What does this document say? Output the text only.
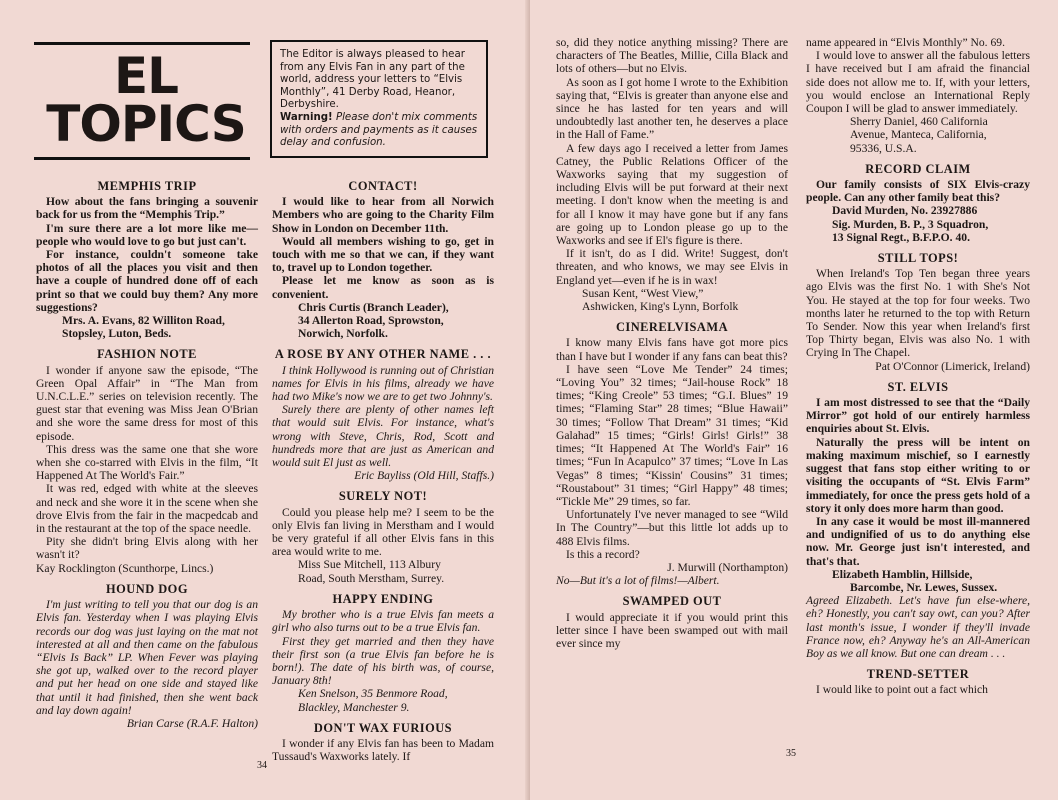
EL
TOPICS
The Editor is always pleased to hear from any Elvis Fan in any part of the world, address your letters to “Elvis Monthly”, 41 Derby Road, Heanor, Derbyshire.
Warning! Please don't mix comments with orders and payments as it causes delay and confusion.
MEMPHIS TRIP

How about the fans bringing a souvenir back for us from the “Memphis Trip.”

I'm sure there are a lot more like me—people who would love to go but just can't.

For instance, couldn't someone take photos of all the places you visit and then have a couple of hundred done off of each print so that we could buy them? Any more suggestions?

Mrs. A. Evans, 82 Williton Road,

Stopsley, Luton, Beds.

FASHION NOTE

I wonder if anyone saw the episode, “The Green Opal Affair” in “The Man from U.N.C.L.E.” series on television recently. The guest star that evening was Miss Jean O'Brian and she wore the same dress for most of this episode.

This dress was the same one that she wore when she co-starred with Elvis in the film, “It Happened At The World's Fair.”

It was red, edged with white at the sleeves and neck and she wore it in the scene when she drove Elvis from the fair in the macpedcab and in the restaurant at the top of the space needle.

Pity she didn't bring Elvis along with her wasn't it?

Kay Rocklington (Scunthorpe, Lincs.)

HOUND DOG

I'm just writing to tell you that our dog is an Elvis fan. Yesterday when I was playing Elvis records our dog was just laying on the mat not interested at all and then came on the fabulous “Elvis Is Back” LP. When Fever was playing she got up, walked over to the record player and put her head on one side and stayed like that until it had finished, then she went back and lay down again!

Brian Carse (R.A.F. Halton)

CONTACT!

I would like to hear from all Norwich Members who are going to the Charity Film Show in London on December 11th.

Would all members wishing to go, get in touch with me so that we can, if they want to, travel up to London together.

Please let me know as soon as is convenient.

Chris Curtis (Branch Leader),

34 Allerton Road, Sprowston,

Norwich, Norfolk.

A ROSE BY ANY OTHER NAME . . .

I think Hollywood is running out of Christian names for Elvis in his films, already we have had two Mike's now we are to get two Johnny's.

Surely there are plenty of other names left that would suit Elvis. For instance, what's wrong with Steve, Chris, Rod, Scott and hundreds more that are just as American and would suit El just as well.

Eric Bayliss (Old Hill, Staffs.)

SURELY NOT!

Could you please help me? I seem to be the only Elvis fan living in Merstham and I would be very grateful if all other Elvis fans in this area would write to me.

Miss Sue Mitchell, 113 Albury

Road, South Merstham, Surrey.

HAPPY ENDING

My brother who is a true Elvis fan meets a girl who also turns out to be a true Elvis fan.

First they get married and then they have their first son (a true Elvis fan before he is born!). The date of his birth was, of course, January 8th!

Ken Snelson, 35 Benmore Road,

Blackley, Manchester 9.

DON'T WAX FURIOUS

I wonder if any Elvis fan has been to Madam Tussaud's Waxworks lately. If

34

so, did they notice anything missing? There are characters of The Beatles, Millie, Cilla Black and lots of others—but no Elvis.

As soon as I got home I wrote to the Exhibition saying that, “Elvis is greater than anyone else and since he has lasted for ten years and will undoubtedly last another ten, he deserves a place in the Hall of Fame.”

A few days ago I received a letter from James Catney, the Public Relations Officer of the Waxworks saying that my suggestion of including Elvis will be put forward at their next meeting. I don't know when the meeting is and for all I know it may have gone but if any fans are going up to London please go up to the Waxworks and see if El's figure is there.

If it isn't, do as I did. Write! Suggest, don't threaten, and who knows, we may see Elvis in England yet—even if he is in wax!

Susan Kent, “West View,”

Ashwicken, King's Lynn, Borfolk

CINERELVISAMA

I know many Elvis fans have got more pics than I have but I wonder if any fans can beat this?

I have seen “Love Me Tender” 24 times; “Loving You” 32 times; “Jail-house Rock” 18 times; “King Creole” 53 times; “G.I. Blues” 19 times; “Flaming Star” 28 times; “Blue Hawaii” 30 times; “Follow That Dream” 31 times; “Kid Galahad” 15 times; “Girls! Girls! Girls!” 38 times; “It Happened At The World's Fair” 16 times; “Fun In Acapulco” 37 times; “Love In Las Vegas” 8 times; “Kissin' Cousins” 31 times; “Roustabout” 31 times; “Girl Happy” 48 times; “Tickle Me” 29 times, so far.

Unfortunately I've never managed to see “Wild In The Country”—but this little lot adds up to 488 Elvis films.

Is this a record?

J. Murwill (Northampton)

No—But it's a lot of films!—Albert.

SWAMPED OUT

I would appreciate it if you would print this letter since I have been swamped out with mail ever since my

name appeared in “Elvis Monthly” No. 69.

I would love to answer all the fabulous letters I have received but I am afraid the financial side does not allow me to. If, with your letters, you would enclose an International Reply Coupon I will be glad to answer immediately.

Sherry Daniel, 460 California

Avenue, Manteca, California,

95336, U.S.A.

RECORD CLAIM

Our family consists of SIX Elvis-crazy people. Can any other family beat this?

David Murden, No. 23927886

Sig. Murden, B. P., 3 Squadron,

13 Signal Regt., B.F.P.O. 40.

STILL TOPS!

When Ireland's Top Ten began three years ago Elvis was the first No. 1 with She's Not You. He stayed at the top for four weeks. Two months later he returned to the top with Return To Sender. Now this year when Ireland's first Top Thirty began, Elvis was also No. 1 with Crying In The Chapel.

Pat O'Connor (Limerick, Ireland)

ST. ELVIS

I am most distressed to see that the “Daily Mirror” got hold of our entirely harmless enquiries about St. Elvis.

Naturally the press will be intent on making maximum mischief, so I earnestly suggest that fans stop either writing to or visiting the occupants of “St. Elvis Farm” immediately, for once the press gets hold of a story it only does more harm than good.

In any case it would be most ill-mannered and undignified of us to do anything else now. Mr. George just isn't interested, and that's that.

Elizabeth Hamblin, Hillside,

Barcombe, Nr. Lewes, Sussex.

Agreed Elizabeth. Let's have fun else-where, eh? Honestly, you can't say owt, can you? After last month's issue, I wonder if they'll invade France now, eh? Anyway he's an All-American Boy as we all know. But one can dream . . .

TREND-SETTER

I would like to point out a fact which

35
